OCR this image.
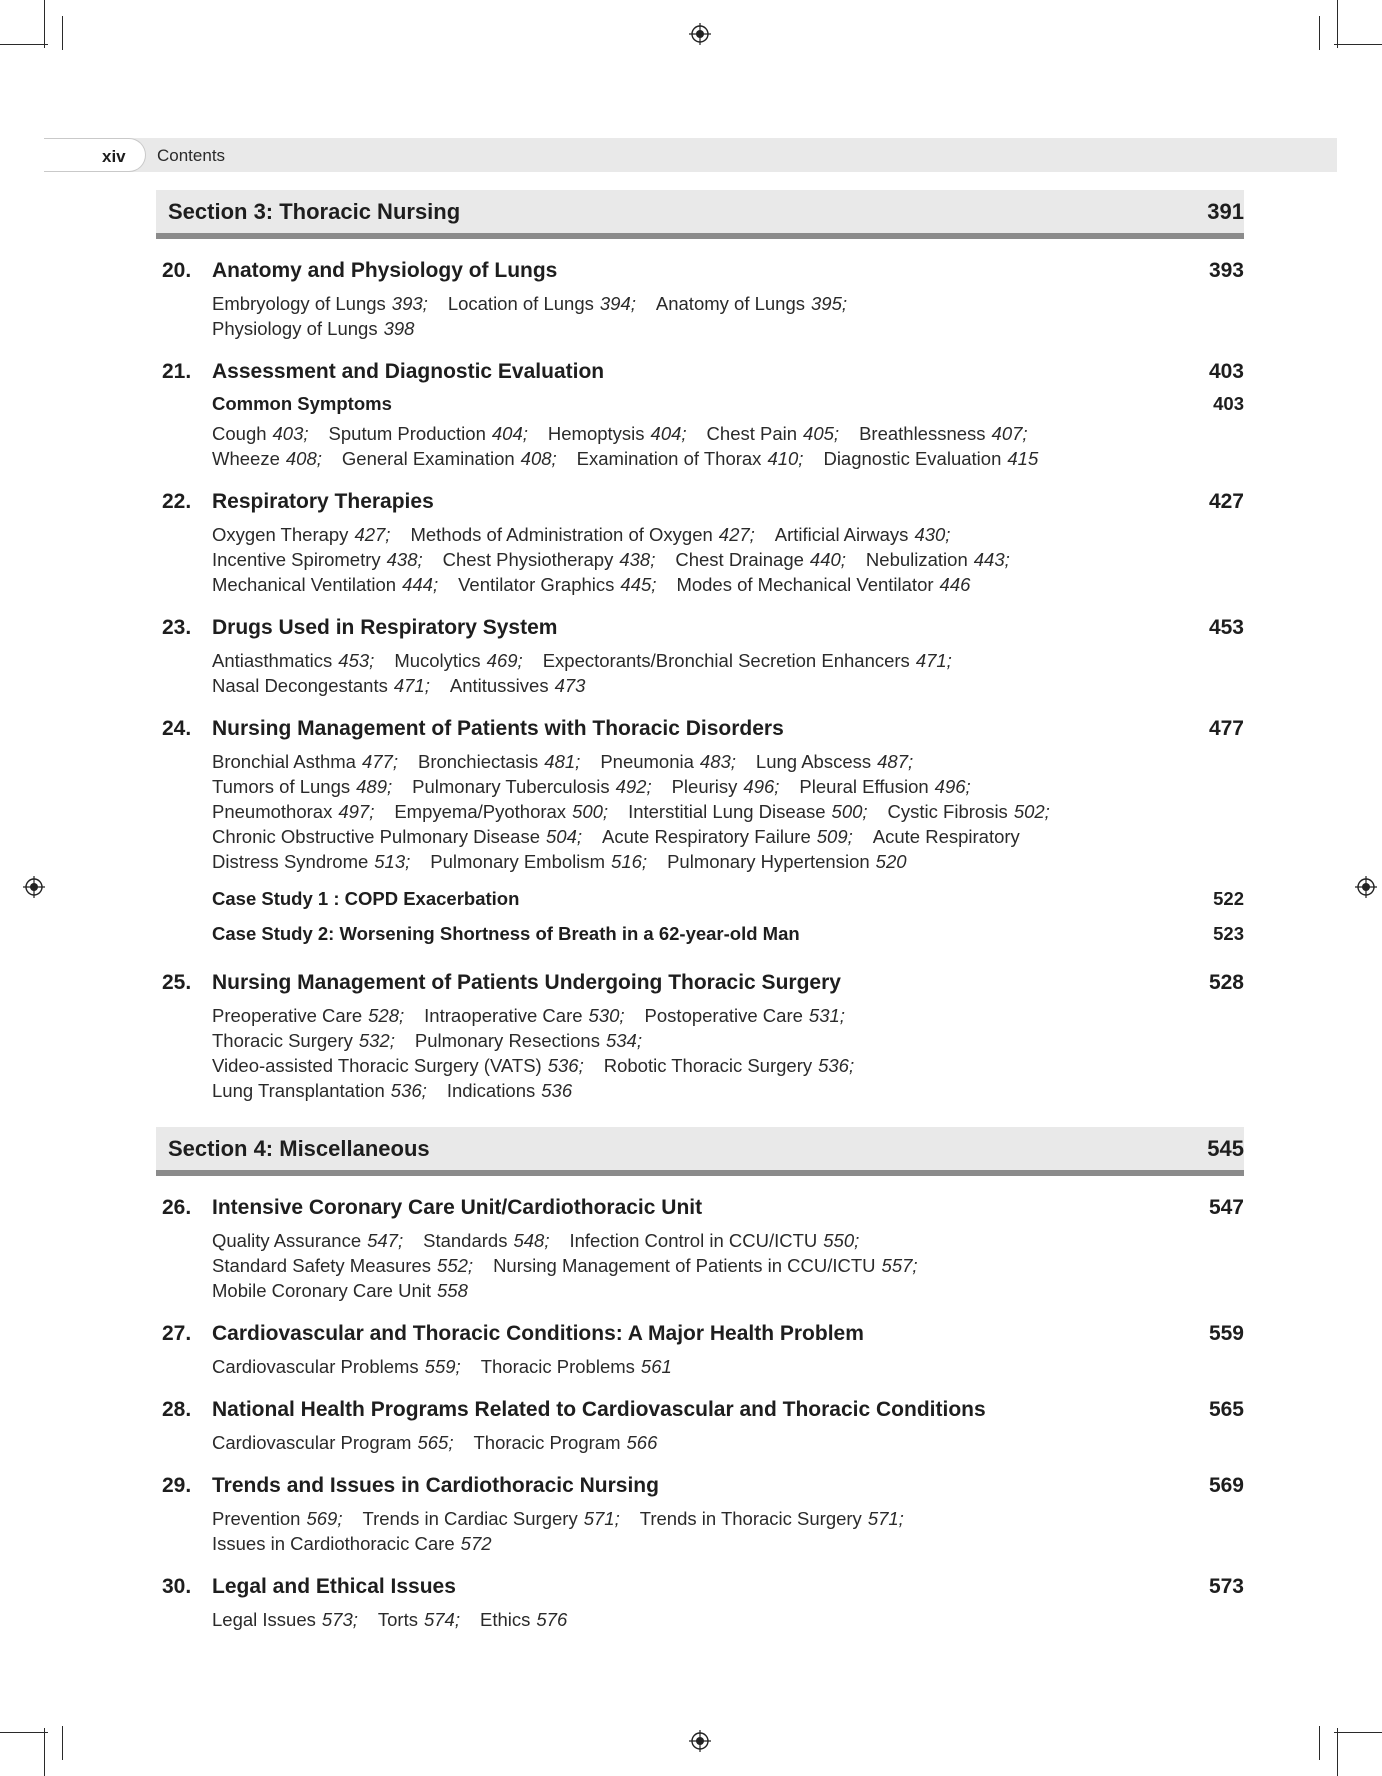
xiv Contents
Section 3: Thoracic Nursing	391
20. Anatomy and Physiology of Lungs	393
Embryology of Lungs 393; Location of Lungs 394; Anatomy of Lungs 395;
Physiology of Lungs 398
21. Assessment and Diagnostic Evaluation	403
Common Symptoms	403
Cough 403; Sputum Production 404; Hemoptysis 404; Chest Pain 405; Breathlessness 407;
Wheeze 408; General Examination 408; Examination of Thorax 410; Diagnostic Evaluation 415
22. Respiratory Therapies	427
Oxygen Therapy 427; Methods of Administration of Oxygen 427; Artificial Airways 430;
Incentive Spirometry 438; Chest Physiotherapy 438; Chest Drainage 440; Nebulization 443;
Mechanical Ventilation 444; Ventilator Graphics 445; Modes of Mechanical Ventilator 446
23. Drugs Used in Respiratory System	453
Antiasthmatics 453; Mucolytics 469; Expectorants/Bronchial Secretion Enhancers 471;
Nasal Decongestants 471; Antitussives 473
24. Nursing Management of Patients with Thoracic Disorders	477
Bronchial Asthma 477; Bronchiectasis 481; Pneumonia 483; Lung Abscess 487;
Tumors of Lungs 489; Pulmonary Tuberculosis 492; Pleurisy 496; Pleural Effusion 496;
Pneumothorax 497; Empyema/Pyothorax 500; Interstitial Lung Disease 500; Cystic Fibrosis 502;
Chronic Obstructive Pulmonary Disease 504; Acute Respiratory Failure 509; Acute Respiratory
Distress Syndrome 513; Pulmonary Embolism 516; Pulmonary Hypertension 520
Case Study 1 : COPD Exacerbation	522
Case Study 2: Worsening Shortness of Breath in a 62-year-old Man	523
25. Nursing Management of Patients Undergoing Thoracic Surgery	528
Preoperative Care 528; Intraoperative Care 530; Postoperative Care 531;
Thoracic Surgery 532; Pulmonary Resections 534;
Video-assisted Thoracic Surgery (VATS) 536; Robotic Thoracic Surgery 536;
Lung Transplantation 536; Indications 536
Section 4: Miscellaneous	545
26. Intensive Coronary Care Unit/Cardiothoracic Unit	547
Quality Assurance 547; Standards 548; Infection Control in CCU/ICTU 550;
Standard Safety Measures 552; Nursing Management of Patients in CCU/ICTU 557;
Mobile Coronary Care Unit 558
27. Cardiovascular and Thoracic Conditions: A Major Health Problem	559
Cardiovascular Problems 559; Thoracic Problems 561
28. National Health Programs Related to Cardiovascular and Thoracic Conditions	565
Cardiovascular Program 565; Thoracic Program 566
29. Trends and Issues in Cardiothoracic Nursing	569
Prevention 569; Trends in Cardiac Surgery 571; Trends in Thoracic Surgery 571;
Issues in Cardiothoracic Care 572
30. Legal and Ethical Issues	573
Legal Issues 573; Torts 574; Ethics 576
